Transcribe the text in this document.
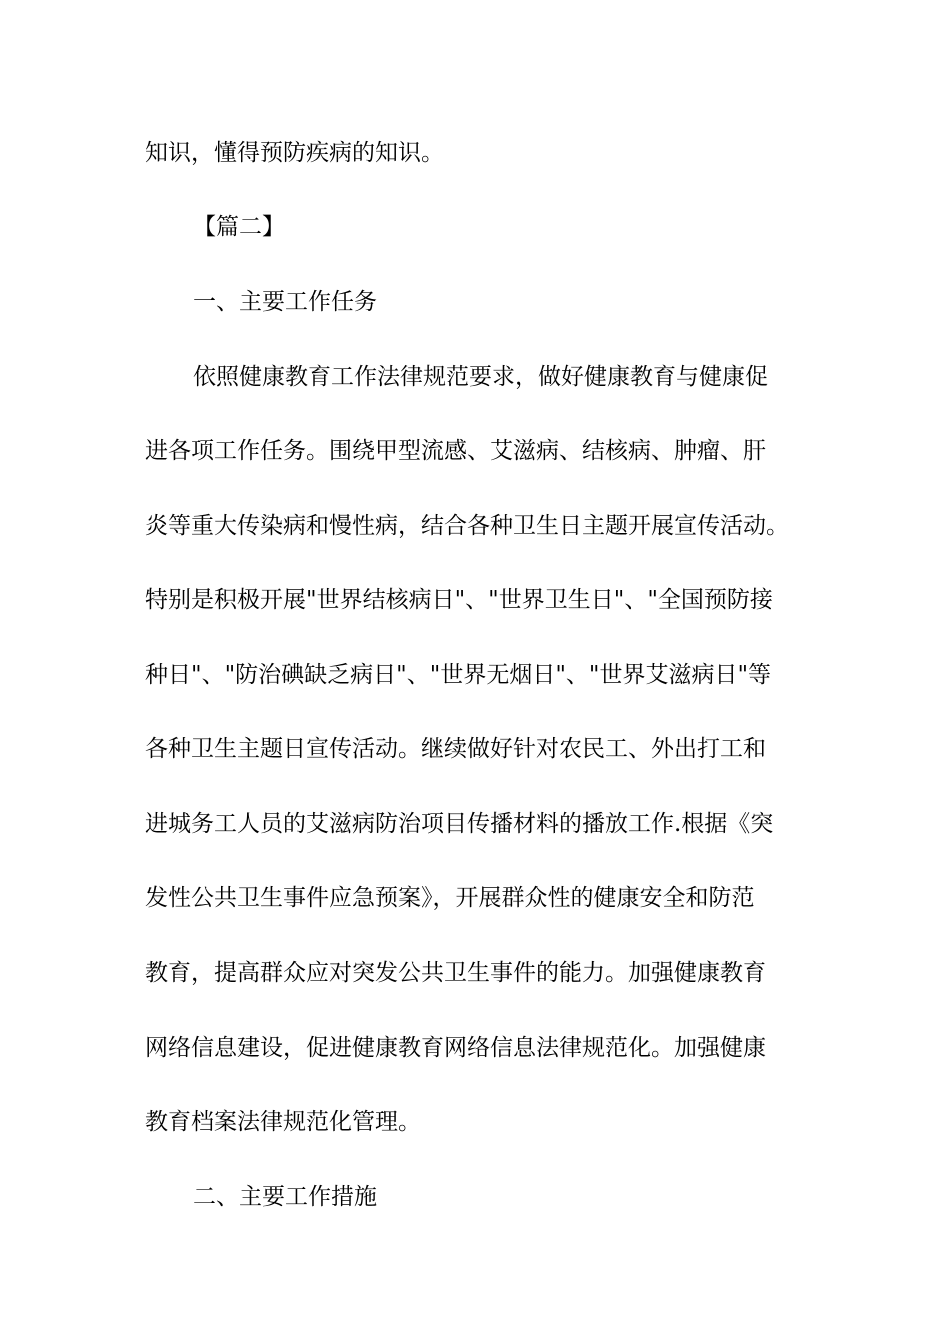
知识，懂得预防疾病的知识。
【篇二】
一、主要工作任务
依照健康教育工作法律规范要求，做好健康教育与健康促
进各项工作任务。围绕甲型流感、艾滋病、结核病、肿瘤、肝
炎等重大传染病和慢性病，结合各种卫生日主题开展宣传活动。
特别是积极开展"世界结核病日"、"世界卫生日"、"全国预防接
种日"、"防治碘缺乏病日"、"世界无烟日"、"世界艾滋病日"等
各种卫生主题日宣传活动。继续做好针对农民工、外出打工和
进城务工人员的艾滋病防治项目传播材料的播放工作.根据《突
发性公共卫生事件应急预案》，开展群众性的健康安全和防范
教育，提高群众应对突发公共卫生事件的能力。加强健康教育
网络信息建设，促进健康教育网络信息法律规范化。加强健康
教育档案法律规范化管理。
二、主要工作措施
